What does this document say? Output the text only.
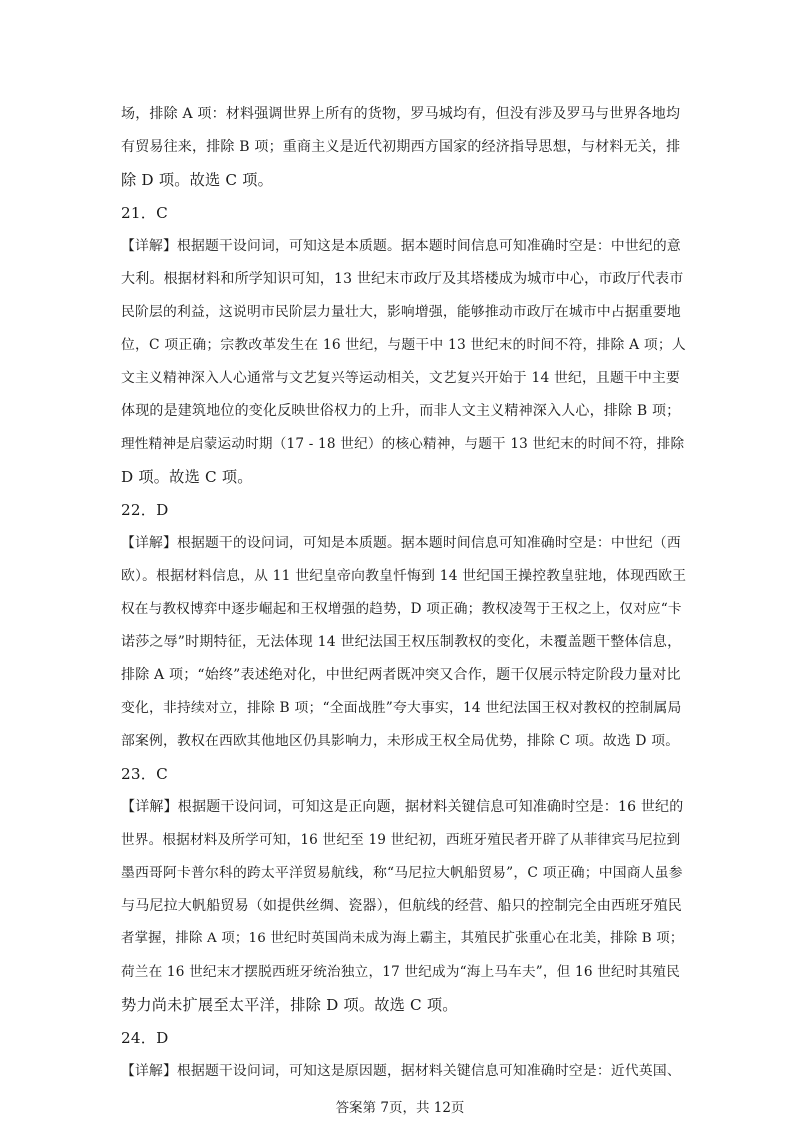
场，排除 A 项：材料强调世界上所有的货物，罗马城均有，但没有涉及罗马与世界各地均
有贸易往来，排除 B 项；重商主义是近代初期西方国家的经济指导思想，与材料无关，排
除 D 项。故选 C 项。
21．C
【详解】根据题干设问词，可知这是本质题。据本题时间信息可知准确时空是：中世纪的意
大利。根据材料和所学知识可知，13 世纪末市政厅及其塔楼成为城市中心，市政厅代表市
民阶层的利益，这说明市民阶层力量壮大，影响增强，能够推动市政厅在城市中占据重要地
位，C 项正确；宗教改革发生在 16 世纪，与题干中 13 世纪末的时间不符，排除 A 项；人
文主义精神深入人心通常与文艺复兴等运动相关，文艺复兴开始于 14 世纪，且题干中主要
体现的是建筑地位的变化反映世俗权力的上升，而非人文主义精神深入人心，排除 B 项；
理性精神是启蒙运动时期（17 - 18 世纪）的核心精神，与题干 13 世纪末的时间不符，排除
D 项。故选 C 项。
22．D
【详解】根据题干的设问词，可知是本质题。据本题时间信息可知准确时空是：中世纪（西
欧）。根据材料信息，从 11 世纪皇帝向教皇忏悔到 14 世纪国王操控教皇驻地，体现西欧王
权在与教权博弈中逐步崛起和王权增强的趋势，D 项正确；教权凌驾于王权之上，仅对应“卡
诺莎之辱”时期特征，无法体现 14 世纪法国王权压制教权的变化，未覆盖题干整体信息，
排除 A 项；“始终”表述绝对化，中世纪两者既冲突又合作，题干仅展示特定阶段力量对比
变化，非持续对立，排除 B 项；“全面战胜”夸大事实，14 世纪法国王权对教权的控制属局
部案例，教权在西欧其他地区仍具影响力，未形成王权全局优势，排除 C 项。故选 D 项。
23．C
【详解】根据题干设问词，可知这是正向题，据材料关键信息可知准确时空是：16 世纪的
世界。根据材料及所学可知，16 世纪至 19 世纪初，西班牙殖民者开辟了从菲律宾马尼拉到
墨西哥阿卡普尔科的跨太平洋贸易航线，称“马尼拉大帆船贸易”，C 项正确；中国商人虽参
与马尼拉大帆船贸易（如提供丝绸、瓷器），但航线的经营、船只的控制完全由西班牙殖民
者掌握，排除 A 项；16 世纪时英国尚未成为海上霸主，其殖民扩张重心在北美，排除 B 项；
荷兰在 16 世纪末才摆脱西班牙统治独立，17 世纪成为“海上马车夫”，但 16 世纪时其殖民
势力尚未扩展至太平洋，排除 D 项。故选 C 项。
24．D
【详解】根据题干设问词，可知这是原因题，据材料关键信息可知准确时空是：近代英国、
答案第 7页，共 12页
